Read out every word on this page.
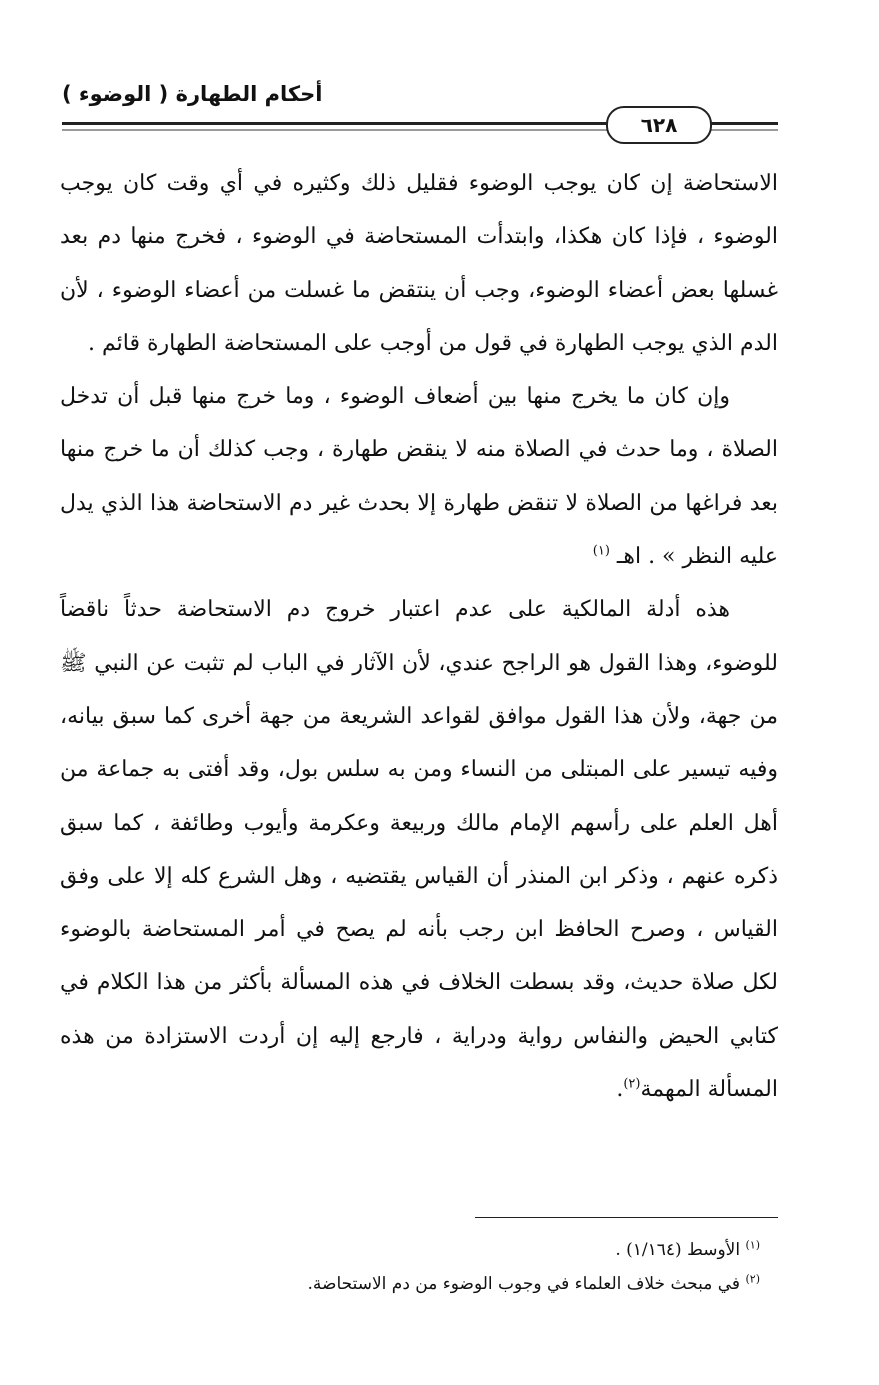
أحكام الطهارة ( الوضوء )
٦٢٨

الاستحاضة إن كان يوجب الوضوء فقليل ذلك وكثيره في أي وقت كان يوجب الوضوء ، فإذا كان هكذا، وابتدأت المستحاضة في الوضوء ، فخرج منها دم بعد غسلها بعض أعضاء الوضوء، وجب أن ينتقض ما غسلت من أعضاء الوضوء ، لأن الدم الذي يوجب الطهارة في قول من أوجب على المستحاضة الطهارة قائم .

وإن كان ما يخرج منها بين أضعاف الوضوء ، وما خرج منها قبل أن تدخل الصلاة ، وما حدث في الصلاة منه لا ينقض طهارة ، وجب كذلك أن ما خرج منها بعد فراغها من الصلاة لا تنقض طهارة إلا بحدث غير دم الاستحاضة هذا الذي يدل عليه النظر » . اهـ $^{(١)}$

هذه أدلة المالكية على عدم اعتبار خروج دم الاستحاضة حدثاً ناقضاً للوضوء، وهذا القول هو الراجح عندي، لأن الآثار في الباب لم تثبت عن النبي ﷺ من جهة، ولأن هذا القول موافق لقواعد الشريعة من جهة أخرى كما سبق بيانه، وفيه تيسير على المبتلى من النساء ومن به سلس بول، وقد أفتى به جماعة من أهل العلم على رأسهم الإمام مالك وربيعة وعكرمة وأيوب وطائفة ، كما سبق ذكره عنهم ، وذكر ابن المنذر أن القياس يقتضيه ، وهل الشرع كله إلا على وفق القياس ، وصرح الحافظ ابن رجب بأنه لم يصح في أمر المستحاضة بالوضوء لكل صلاة حديث، وقد بسطت الخلاف في هذه المسألة بأكثر من هذا الكلام في كتابي الحيض والنفاس رواية ودراية ، فارجع إليه إن أردت الاستزادة من هذه المسألة المهمة$^{(٢)}$.

$^{(١)}$ الأوسط (١/١٦٤) .

$^{(٢)}$ في مبحث خلاف العلماء في وجوب الوضوء من دم الاستحاضة.
